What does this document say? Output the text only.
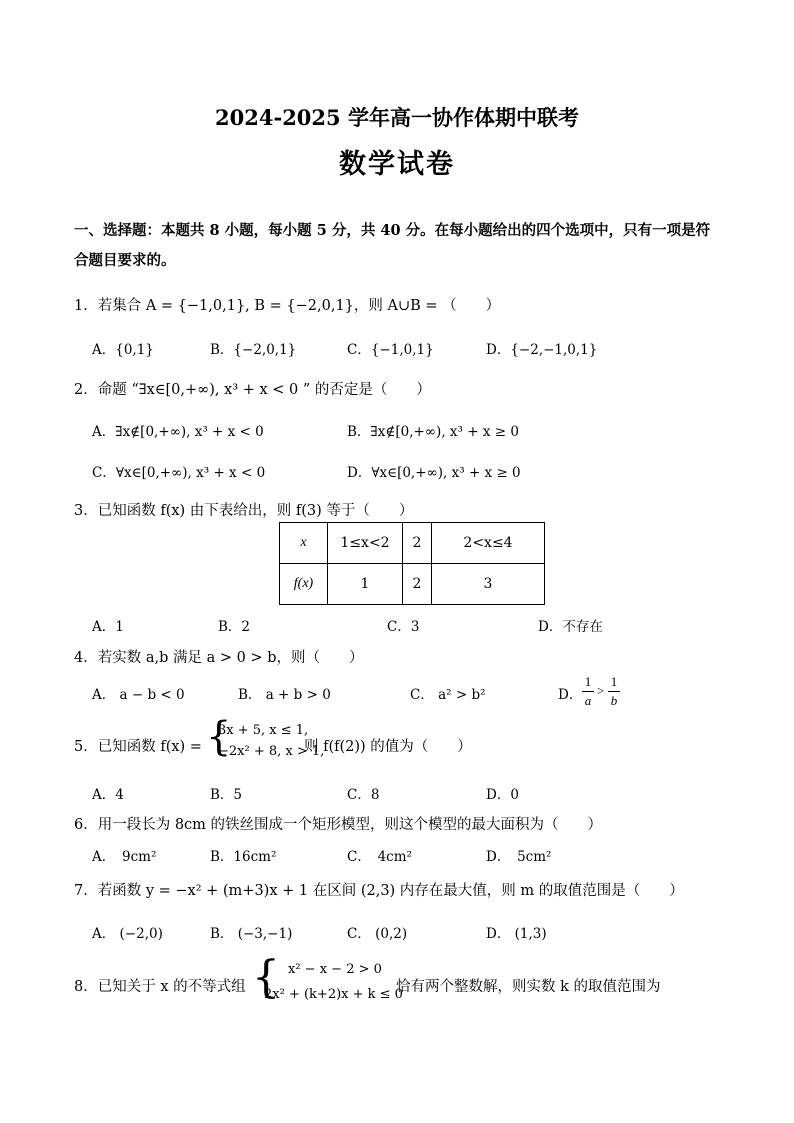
2024-2025 学年高一协作体期中联考
数学试卷
一、选择题：本题共 8 小题，每小题 5 分，共 40 分。在每小题给出的四个选项中，只有一项是符合题目要求的。
1．若集合 A = {−1,0,1}, B = {−2,0,1}，则 A∪B = （　　）
A．{0,1}	B．{−2,0,1}	C．{−1,0,1}	D．{−2,−1,0,1}
2．命题 “∃x∈[0,+∞), x³ + x < 0 ” 的否定是（　　）
A．∃x∉[0,+∞), x³ + x < 0	B．∃x∉[0,+∞), x³ + x ≥ 0
C．∀x∈[0,+∞), x³ + x < 0	D．∀x∈[0,+∞), x³ + x ≥ 0
3．已知函数 f(x) 由下表给出，则 f(3) 等于（　　）
x	1≤x<2	2	2<x≤4
f(x)	1	2	3
A．1	B．2	C．3	D．不存在
4．若实数 a,b 满足 a > 0 > b，则（　　）
A． a − b < 0	B． a + b > 0	C． a² > b²	D．
1
a
>
1
b
5．已知函数 f(x) = {
3x + 5, x ≤ 1,
−2x² + 8, x > 1,
则 f(f(2)) 的值为（　　）
A．4	B．5	C．8	D．0
6．用一段长为 8cm 的铁丝围成一个矩形模型，则这个模型的最大面积为（　　）
A．　9cm²	B．16cm²	C．　4cm²	D．　5cm²
7．若函数 y = −x² + (m+3)x + 1 在区间 (2,3) 内存在最大值，则 m 的取值范围是（　　）
A． (−2,0)	B． (−3,−1)	C． (0,2)	D． (1,3)
8．已知关于 x 的不等式组 { x² − x − 2 > 0
2x² + (k+2)x + k ≤ 0
恰有两个整数解，则实数 k 的取值范围为
